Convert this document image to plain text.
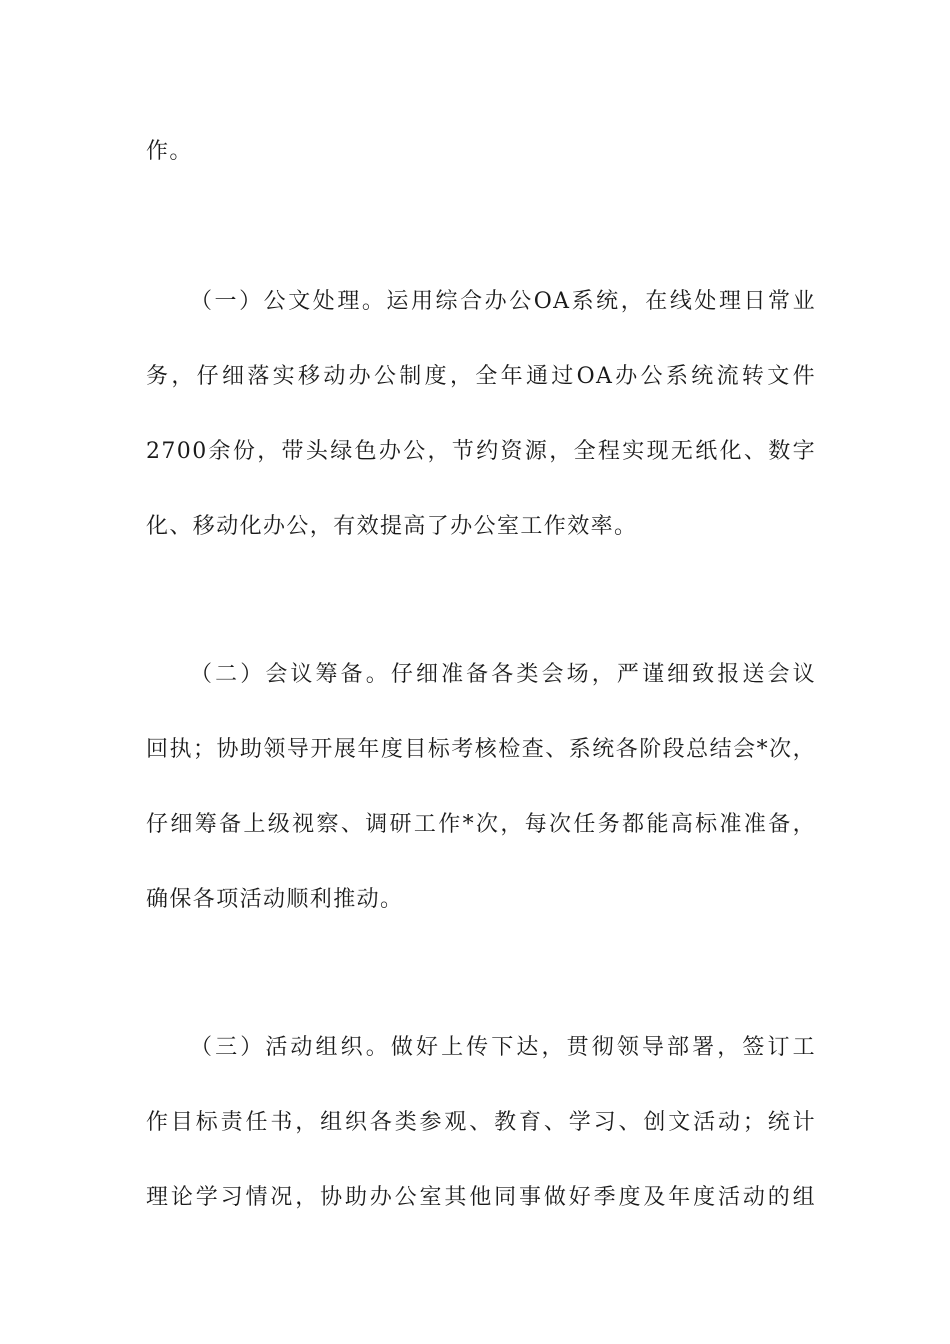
作。
（一）公文处理。运用综合办公OA系统，在线处理日常业
务，仔细落实移动办公制度，全年通过OA办公系统流转文件
2700余份，带头绿色办公，节约资源，全程实现无纸化、数字
化、移动化办公，有效提高了办公室工作效率。
（二）会议筹备。仔细准备各类会场，严谨细致报送会议
回执；协助领导开展年度目标考核检查、系统各阶段总结会*次，
仔细筹备上级视察、调研工作*次，每次任务都能高标准准备，
确保各项活动顺利推动。
（三）活动组织。做好上传下达，贯彻领导部署，签订工
作目标责任书，组织各类参观、教育、学习、创文活动；统计
理论学习情况，协助办公室其他同事做好季度及年度活动的组
